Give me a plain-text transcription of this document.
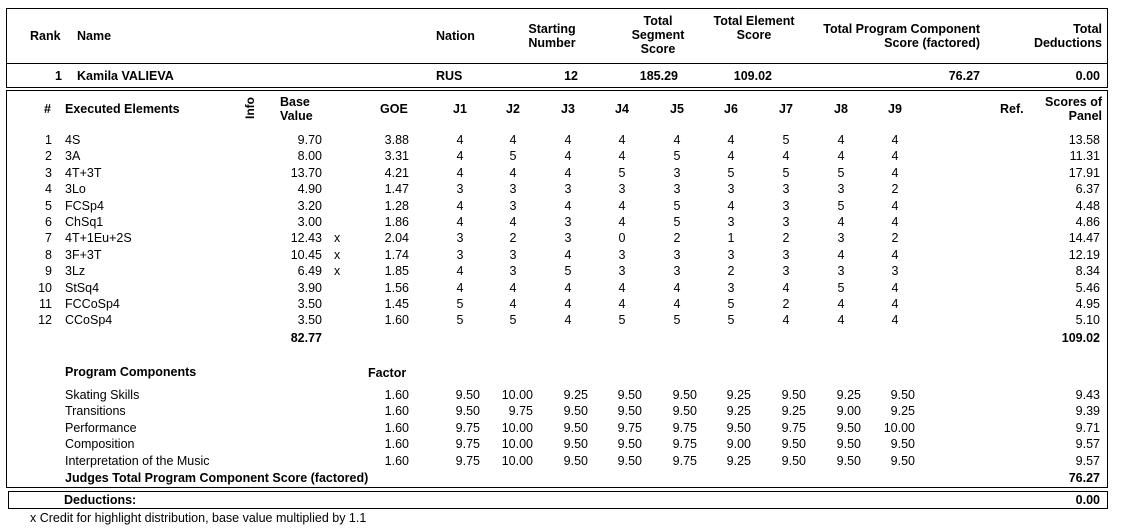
Rank Name	Nation	Starting Number
Total Segment Score
Total Element Score	Total Program Component Score (factored)
Total Deductions
1 Kamila VALIEVA	RUS	12	185.29	109.02	76.27	0.00
# Executed Elements	Info Base Value	GOE	J1	J2	J3	J4	J5	J6	J7	J8	J9	Ref.	Scores of Panel
1 4S	9.70	3.88	4	4	4	4	4	4	5	4	4	13.58
2 3A	8.00	3.31	4	5	4	4	5	4	4	4	4	11.31
3 4T+3T	13.70	4.21	4	4	4	5	3	5	5	5	4	17.91
4 3Lo	4.90	1.47	3	3	3	3	3	3	3	3	2	6.37
5 FCSp4	3.20	1.28	4	3	4	4	5	4	3	5	4	4.48
6 ChSq1	3.00	1.86	4	4	3	4	5	3	3	4	4	4.86
7 4T+1Eu+2S	12.43 x	2.04	3	2	3	0	2	1	2	3	2	14.47
8 3F+3T	10.45 x	1.74	3	3	4	3	3	3	3	4	4	12.19
9 3Lz	6.49 x	1.85	4	3	5	3	3	2	3	3	3	8.34
10 StSq4	3.90	1.56	4	4	4	4	4	3	4	5	4	5.46
11 FCCoSp4	3.50	1.45	5	4	4	4	4	5	2	4	4	4.95
12 CCoSp4	3.50	1.60	5	5	4	5	5	5	4	4	4	5.10
82.77	109.02
Program Components	Factor
Skating Skills	1.60	9.50	10.00	9.25	9.50	9.50	9.25	9.50	9.25	9.50	9.43
Transitions	1.60	9.50	9.75	9.50	9.50	9.50	9.25	9.25	9.00	9.25	9.39
Performance	1.60	9.75	10.00	9.50	9.75	9.75	9.50	9.75	9.50	10.00	9.71
Composition	1.60	9.75	10.00	9.50	9.50	9.75	9.00	9.50	9.50	9.50	9.57
Interpretation of the Music	1.60	9.75	10.00	9.50	9.50	9.75	9.25	9.50	9.50	9.50	9.57
Judges Total Program Component Score (factored)	76.27
Deductions:	0.00
x Credit for highlight distribution, base value multiplied by 1.1
